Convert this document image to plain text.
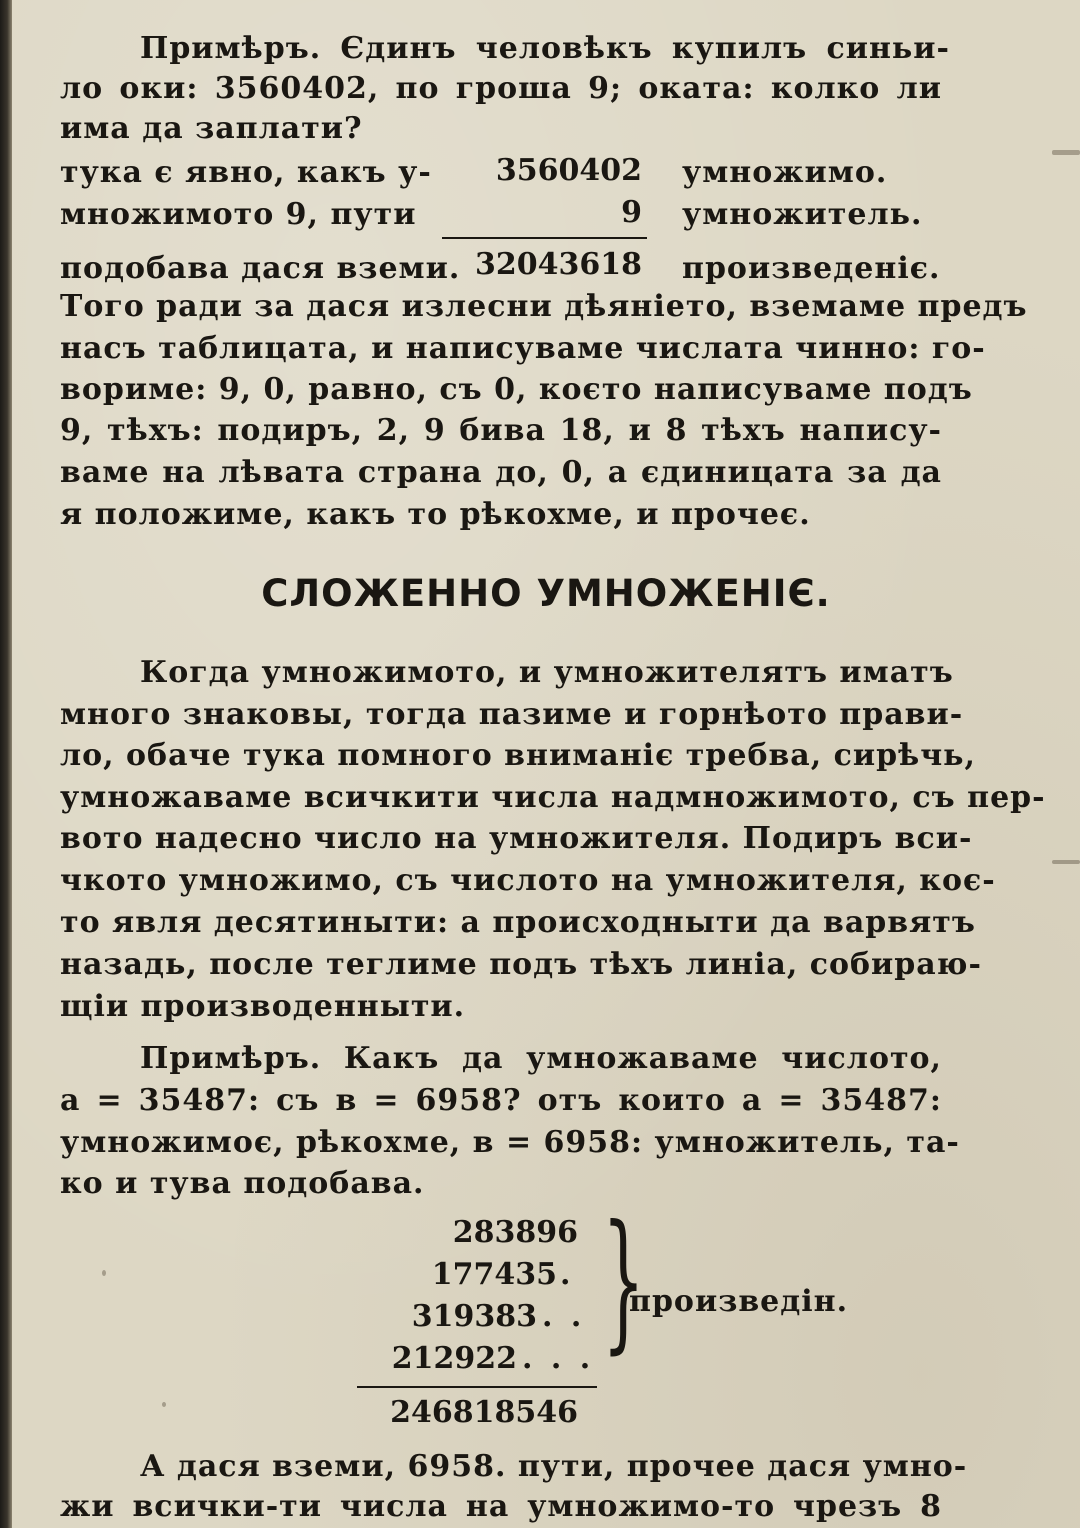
Примѣръ. Єдинъ человѣкъ купилъ синьи-
ло оки: 3560402, по гроша 9; оката: колко ли
има да заплати?
тука є явно, какъ у-	3560402 умножимо.
множимото 9, пути	9 умножитель.
подобава дася вземи. 32043618 произведеніє.
Того ради за дася излесни дѣяніето, вземаме предъ
насъ таблицата, и написуваме числата чинно: го-
вориме: 9, 0, равно, съ 0, коєто написуваме подъ
9, тѣхъ: подиръ, 2, 9 бива 18, и 8 тѣхъ напису-
ваме на лѣвата страна до, 0, а єдиницата за да
я положиме, какъ то рѣкохме, и прочеє.
СЛОЖЕННО УМНОЖЕНІЄ.
Когда умножимото, и умножителятъ иматъ
много знаковы, тогда пазиме и горнѣото прави-
ло, обаче тука помного вниманіє требва, сирѣчь,
умножаваме всичкити числа надмножимото, съ пер-
вото надесно число на умножителя. Подиръ вси-
чкото умножимо, съ числото на умножителя, коє-
то явля десятиныти: а происходныти да варвятъ
назадь, после теглиме подъ тѣхъ линіа, собираю-
щіи производенныти.
Примѣръ. Какъ да умножаваме числото,
а = 35487: съ в = 6958? отъ които а = 35487:
умножимоє, рѣкохме, в = 6958: умножитель, та-
ко и тува подобава.
283896
177435 .
319383 . .
212922 . . . }
произведін.
246818546
А дася вземи, 6958. пути, прочее дася умно-
жи всички-ти числа на умножимо-то чрезъ 8
